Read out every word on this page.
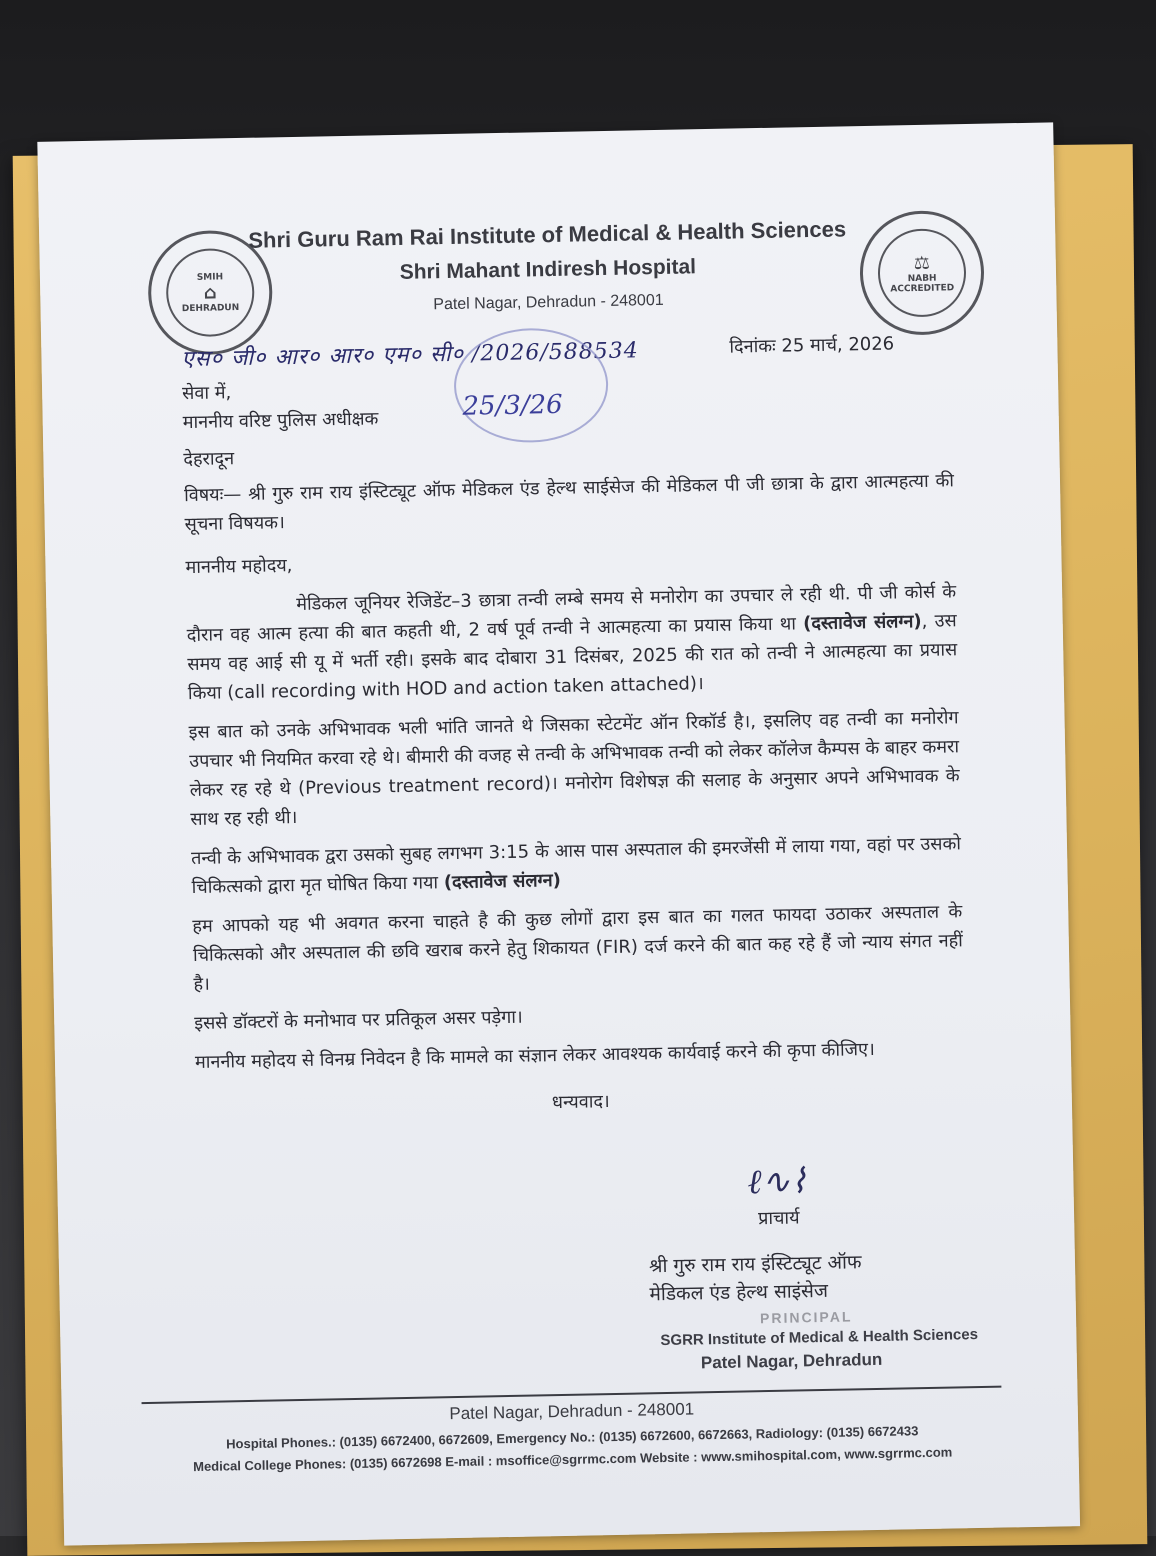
SMIH
⌂
DEHRADUN
⚖
NABH
ACCREDITED
Shri Guru Ram Rai Institute of Medical & Health Sciences
Shri Mahant Indiresh Hospital
Patel Nagar, Dehradun - 248001
एस० जी० आर० आर० एम० सी० /2026/588534	दिनांकः 25 मार्च, 2026
25/3/26
सेवा में,
माननीय वरिष्ट पुलिस अधीक्षक
देहरादून

विषयः— श्री गुरु राम राय इंस्टिट्यूट ऑफ मेडिकल एंड हेल्थ साईसेज की मेडिकल पी जी छात्रा के द्वारा आत्महत्या की सूचना विषयक।

माननीय महोदय,

मेडिकल जूनियर रेजिडेंट–3 छात्रा तन्वी लम्बे समय से मनोरोग का उपचार ले रही थी. पी जी कोर्स के दौरान वह आत्म हत्या की बात कहती थी, 2 वर्ष पूर्व तन्वी ने आत्महत्या का प्रयास किया था (दस्तावेज संलग्न), उस समय वह आई सी यू में भर्ती रही। इसके बाद दोबारा 31 दिसंबर, 2025 की रात को तन्वी ने आत्महत्या का प्रयास किया (call recording with HOD and action taken attached)।

इस बात को उनके अभिभावक भली भांति जानते थे जिसका स्टेटमेंट ऑन रिकॉर्ड है।, इसलिए वह तन्वी का मनोरोग उपचार भी नियमित करवा रहे थे। बीमारी की वजह से तन्वी के अभिभावक तन्वी को लेकर कॉलेज कैम्पस के बाहर कमरा लेकर रह रहे थे (Previous treatment record)। मनोरोग विशेषज्ञ की सलाह के अनुसार अपने अभिभावक के साथ रह रही थी।

तन्वी के अभिभावक द्वरा उसको सुबह लगभग 3:15 के आस पास अस्पताल की इमरजेंसी में लाया गया, वहां पर उसको चिकित्सको द्वारा मृत घोषित किया गया (दस्तावेज संलग्न)

हम आपको यह भी अवगत करना चाहते है की कुछ लोगों द्वारा इस बात का गलत फायदा उठाकर अस्पताल के चिकित्सको और अस्पताल की छवि खराब करने हेतु शिकायत (FIR) दर्ज करने की बात कह रहे हैं जो न्याय संगत नहीं है।

इससे डॉक्टरों के मनोभाव पर प्रतिकूल असर पड़ेगा।

माननीय महोदय से विनम्र निवेदन है कि मामले का संज्ञान लेकर आवश्यक कार्यवाई करने की कृपा कीजिए।

धन्यवाद।

ℓ∿⌇
प्राचार्य
श्री गुरु राम राय इंस्टिट्यूट ऑफ
मेडिकल एंड हेल्थ साइंसेज
PRINCIPAL
SGRR Institute of Medical & Health Sciences
Patel Nagar, Dehradun
Patel Nagar, Dehradun - 248001
Hospital Phones.: (0135) 6672400, 6672609, Emergency No.: (0135) 6672600, 6672663, Radiology: (0135) 6672433
Medical College Phones: (0135) 6672698 E-mail : msoffice@sgrrmc.com Website : www.smihospital.com, www.sgrrmc.com
